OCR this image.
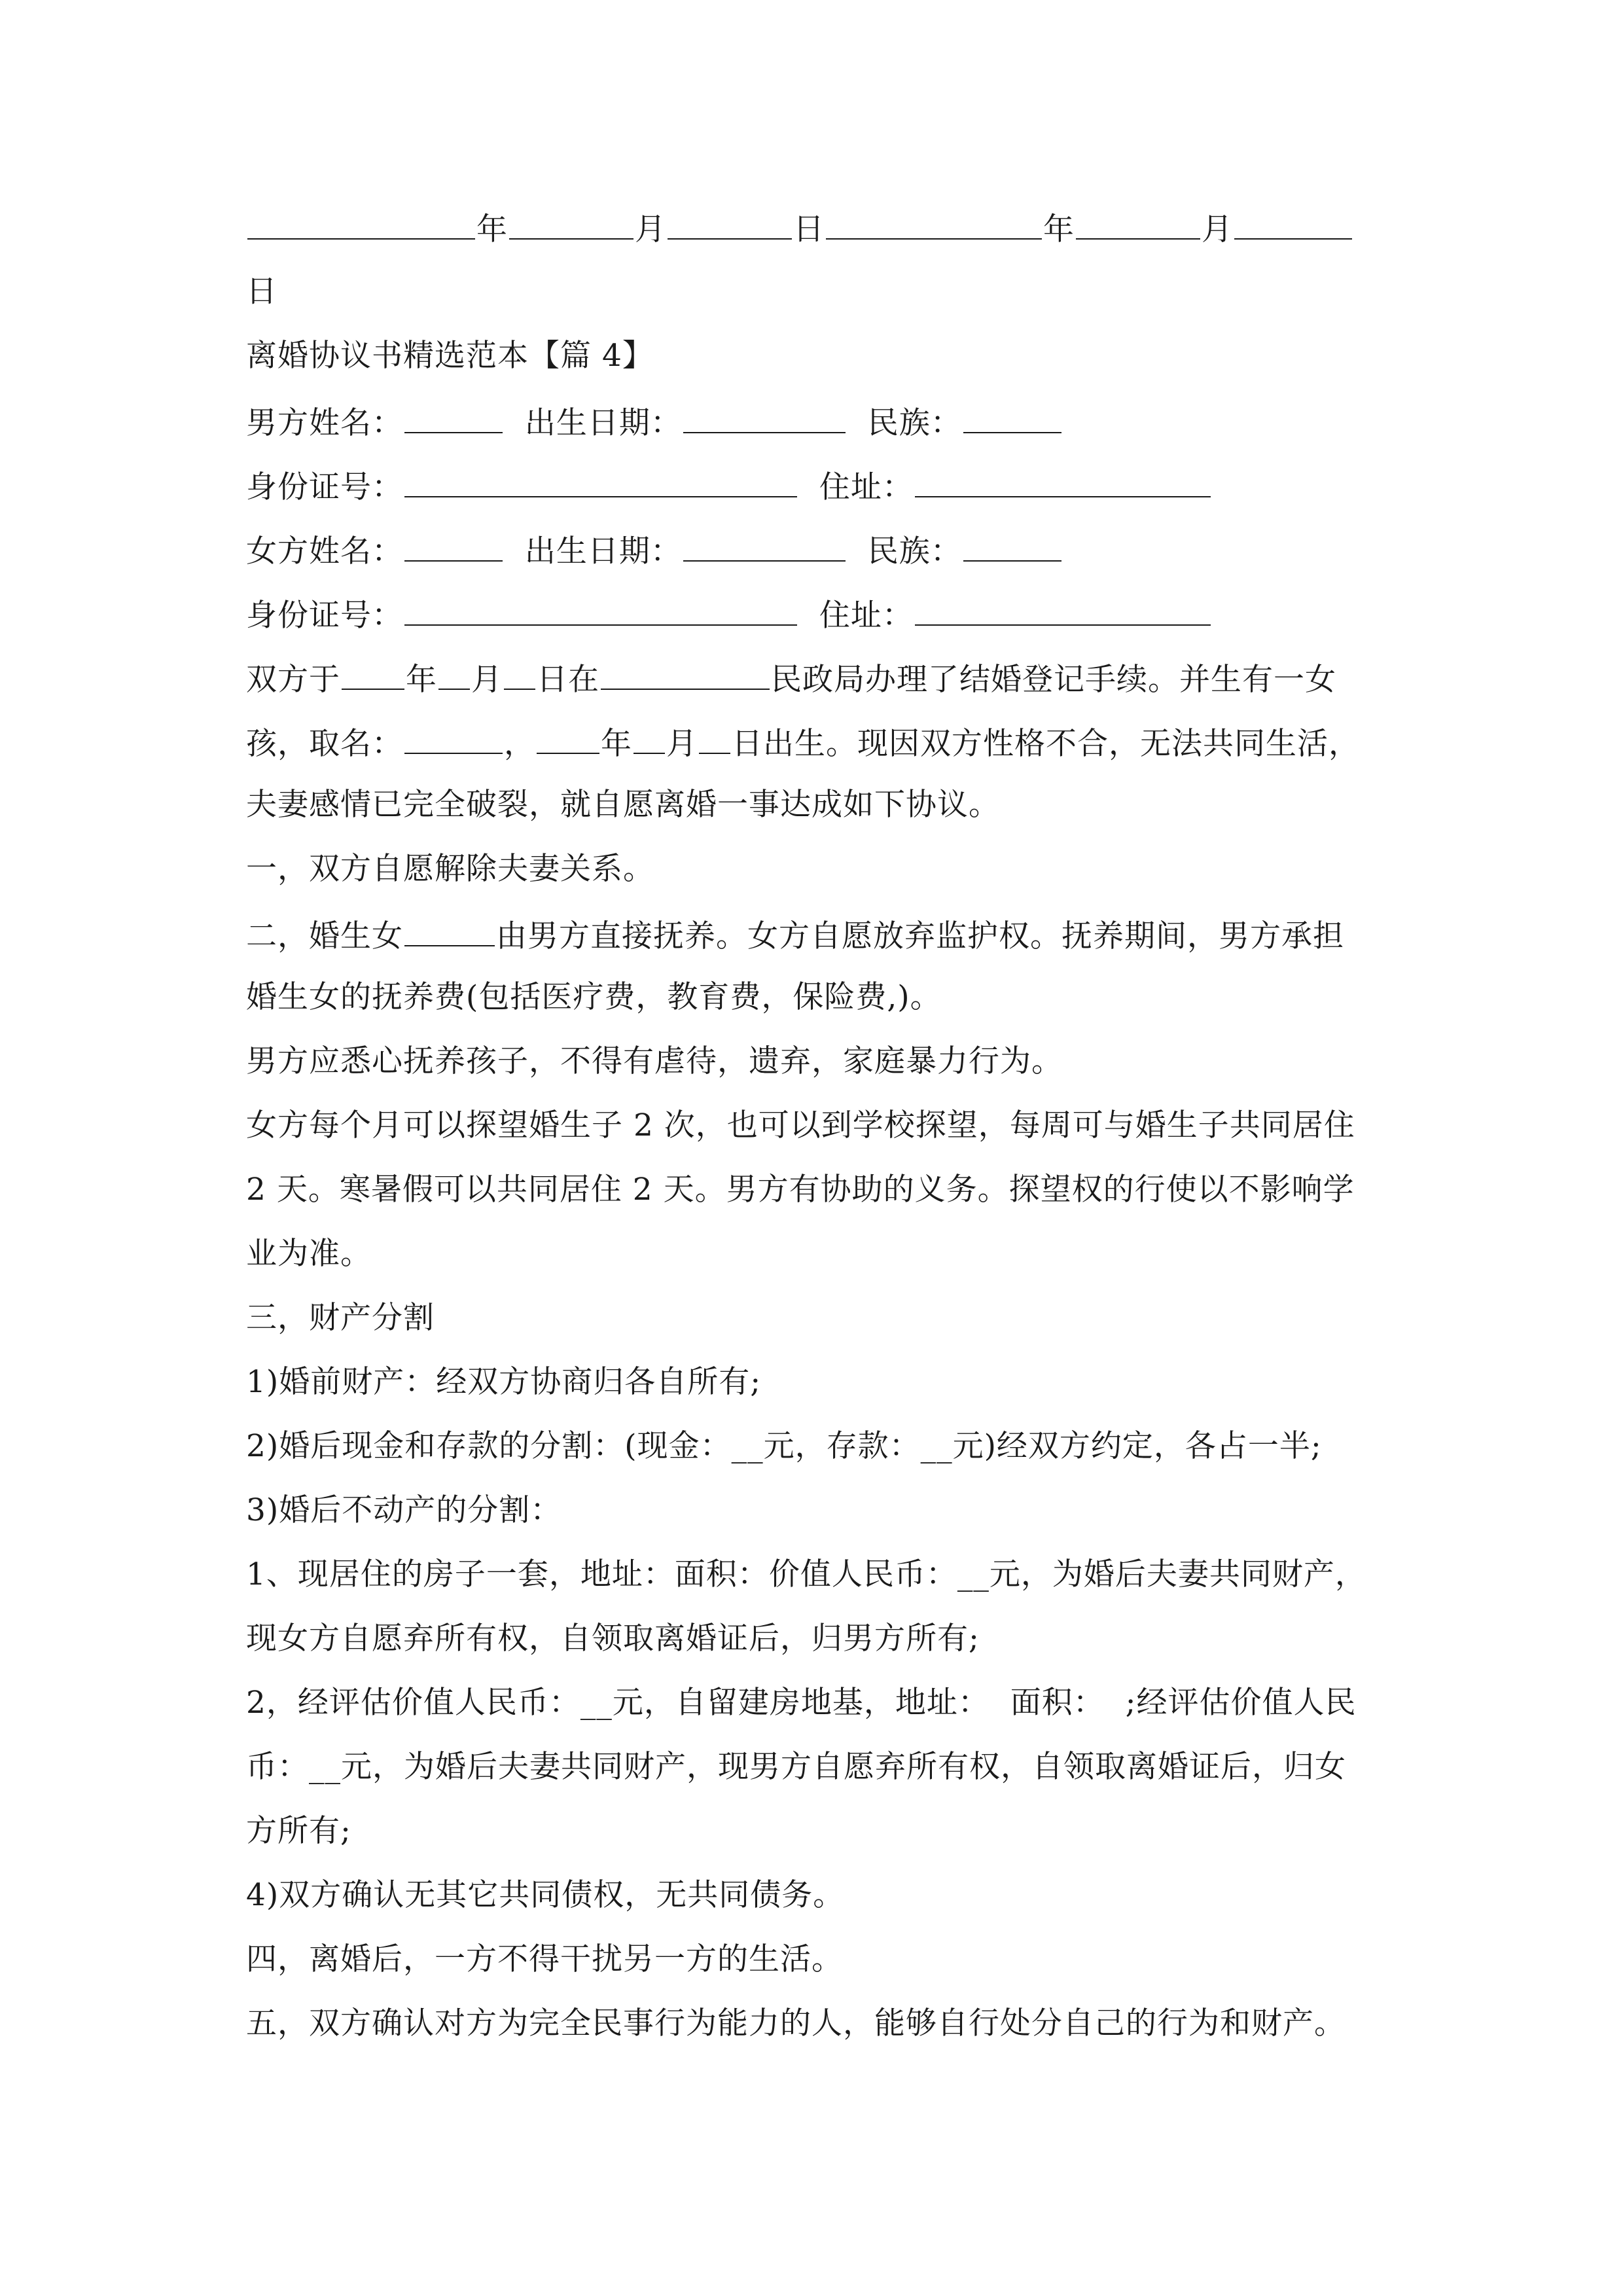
年	月	日	年	月
日
离婚协议书精选范本【篇 4】
男方姓名：	出生日期：	民族：
身份证号：	住址：
女方姓名：	出生日期：	民族：
身份证号：	住址：
双方于 年 月 日在	民政局办理了结婚登记手续。并生有一女
孩，取名：	， 年 月 日出生。现因双方性格不合，无法共同生活，
夫妻感情已完全破裂，就自愿离婚一事达成如下协议。
一，双方自愿解除夫妻关系。
二，婚生女	由男方直接抚养。女方自愿放弃监护权。抚养期间，男方承担
婚生女的抚养费(包括医疗费，教育费，保险费,)。
男方应悉心抚养孩子，不得有虐待，遗弃，家庭暴力行为。
女方每个月可以探望婚生子 2 次，也可以到学校探望，每周可与婚生子共同居住
2 天。寒暑假可以共同居住 2 天。男方有协助的义务。探望权的行使以不影响学
业为准。
三，财产分割
1)婚前财产：经双方协商归各自所有;
2)婚后现金和存款的分割：(现金：__元，存款：__元)经双方约定，各占一半;
3)婚后不动产的分割：
1、现居住的房子一套，地址：面积：价值人民币：__元，为婚后夫妻共同财产，
现女方自愿弃所有权，自领取离婚证后，归男方所有;
2，经评估价值人民币：__元，自留建房地基，地址：  面积：  ;经评估价值人民
币：__元，为婚后夫妻共同财产，现男方自愿弃所有权，自领取离婚证后，归女
方所有;
4)双方确认无其它共同债权，无共同债务。
四，离婚后，一方不得干扰另一方的生活。
五，双方确认对方为完全民事行为能力的人，能够自行处分自己的行为和财产。
